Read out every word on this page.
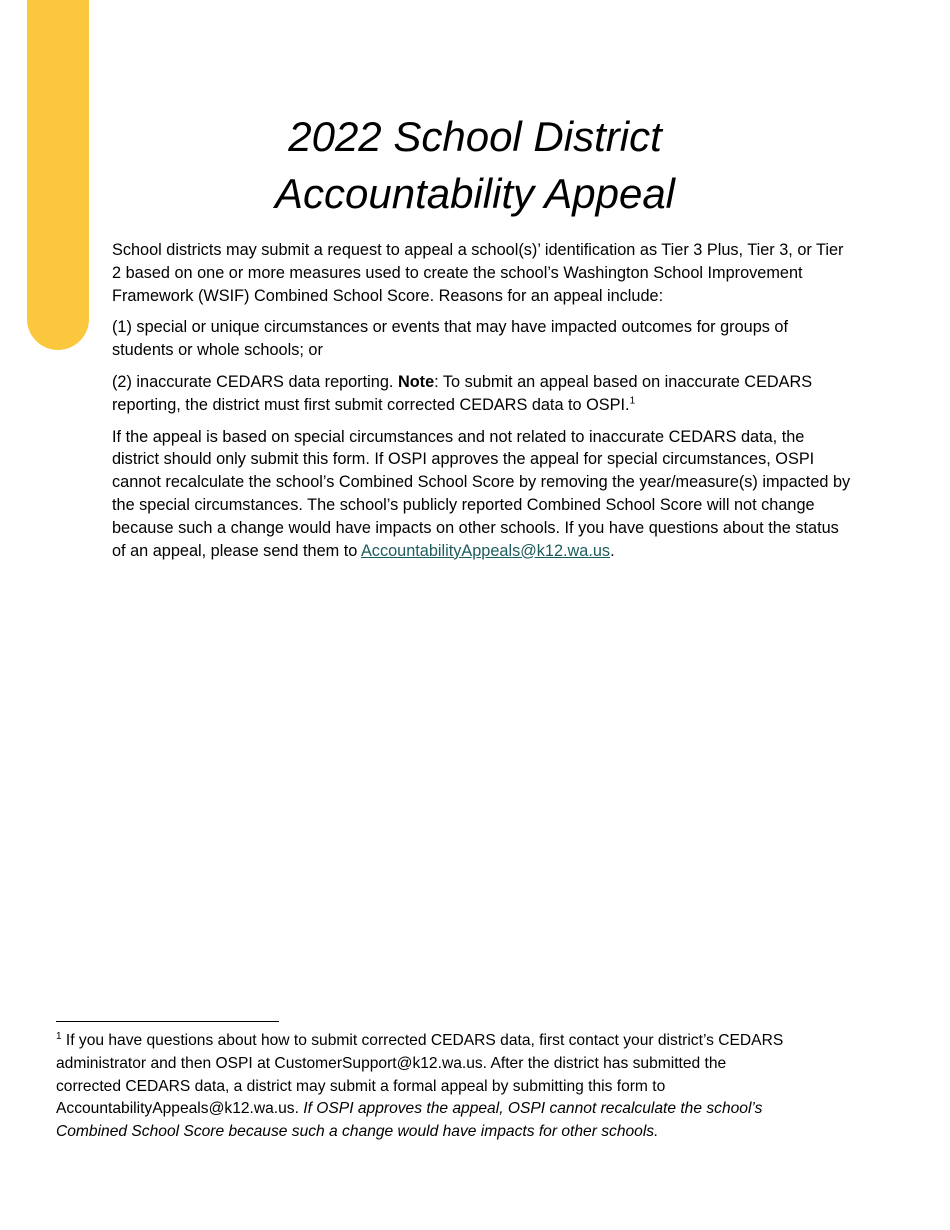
2022 School District
Accountability Appeal

School districts may submit a request to appeal a school(s)’ identification as Tier 3 Plus, Tier 3, or Tier 2 based on one or more measures used to create the school’s Washington School Improvement Framework (WSIF) Combined School Score. Reasons for an appeal include:

(1) special or unique circumstances or events that may have impacted outcomes for groups of students or whole schools; or

(2) inaccurate CEDARS data reporting. Note: To submit an appeal based on inaccurate CEDARS reporting, the district must first submit corrected CEDARS data to OSPI.$^1$

If the appeal is based on special circumstances and not related to inaccurate CEDARS data, the district should only submit this form. If OSPI approves the appeal for special circumstances, OSPI cannot recalculate the school’s Combined School Score by removing the year/measure(s) impacted by the special circumstances. The school’s publicly reported Combined School Score will not change because such a change would have impacts on other schools. If you have questions about the status of an appeal, please send them to AccountabilityAppeals@k12.wa.us.

$^1$ If you have questions about how to submit corrected CEDARS data, first contact your district’s CEDARS administrator and then OSPI at CustomerSupport@k12.wa.us. After the district has submitted the corrected CEDARS data, a district may submit a formal appeal by submitting this form to AccountabilityAppeals@k12.wa.us. If OSPI approves the appeal, OSPI cannot recalculate the school’s Combined School Score because such a change would have impacts for other schools.
